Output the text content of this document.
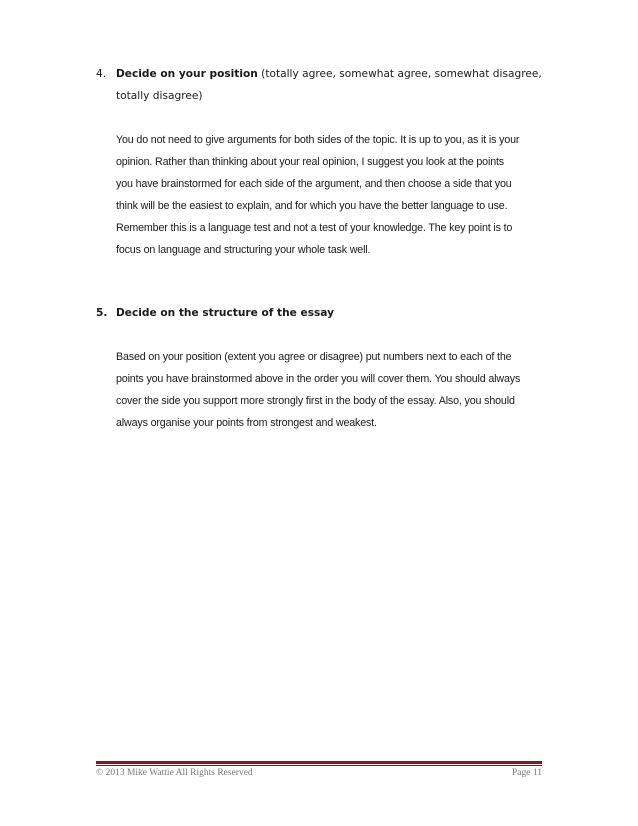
4. Decide on your position (totally agree, somewhat agree, somewhat disagree,
totally disagree)

You do not need to give arguments for both sides of the topic. It is up to you, as it is your
opinion. Rather than thinking about your real opinion, I suggest you look at the points
you have brainstormed for each side of the argument, and then choose a side that you
think will be the easiest to explain, and for which you have the better language to use.
Remember this is a language test and not a test of your knowledge. The key point is to
focus on language and structuring your whole task well.

5. Decide on the structure of the essay

Based on your position (extent you agree or disagree) put numbers next to each of the
points you have brainstormed above in the order you will cover them. You should always
cover the side you support more strongly first in the body of the essay. Also, you should
always organise your points from strongest and weakest.

© 2013 Mike Wattie All Rights Reserved	Page 11
